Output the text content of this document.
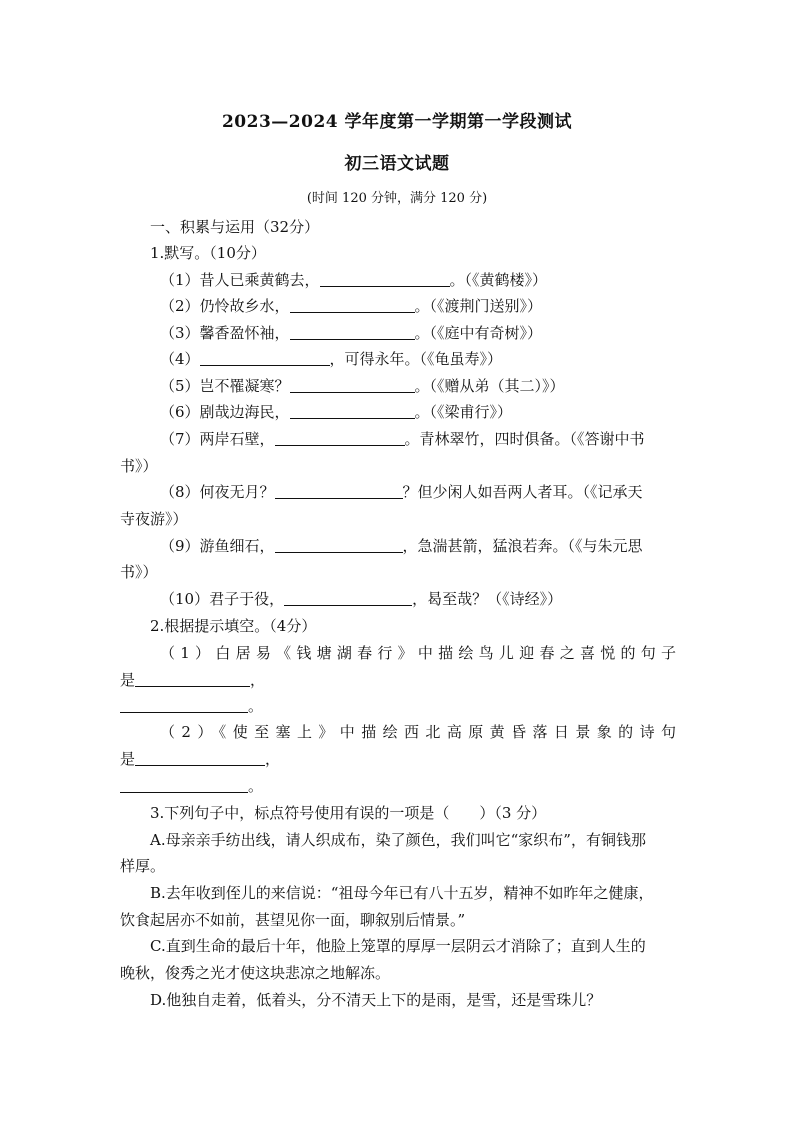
2023—2024 学年度第一学期第一学段测试
初三语文试题
(时间 120 分钟，满分 120 分)
一、积累与运用（32分）
1.默写。（10分）
（1）昔人已乘黄鹤去，	。（《黄鹤楼》）
（2）仍怜故乡水，	。（《渡荆门送别》）
（3）馨香盈怀袖，	。（《庭中有奇树》）
（4）	，可得永年。（《龟虽寿》）
（5）岂不罹凝寒？	。（《赠从弟（其二）》）
（6）剧哉边海民，	。（《梁甫行》）
（7）两岸石壁，	。青林翠竹，四时俱备。（《答谢中书
书》）
（8）何夜无月？	？但少闲人如吾两人者耳。（《记承天
寺夜游》）
（9）游鱼细石，	，急湍甚箭，猛浪若奔。（《与朱元思
书》）
（10）君子于役，	，曷至哉？（《诗经》）
2.根据提示填空。（4分）
（1）白居易《钱塘湖春行》中描绘鸟儿迎春之喜悦的句子
是	，
。
（2）《使至塞上》中描绘西北高原黄昏落日景象的诗句
是	，
。
3.下列句子中，标点符号使用有误的一项是（　　）（3 分）
A.母亲亲手纺出线，请人织成布，染了颜色，我们叫它“家织布”，有铜钱那
样厚。
B.去年收到侄儿的来信说：“祖母今年已有八十五岁，精神不如昨年之健康，
饮食起居亦不如前，甚望见你一面，聊叙别后情景。”
C.直到生命的最后十年，他脸上笼罩的厚厚一层阴云才消除了；直到人生的
晚秋，俊秀之光才使这块悲凉之地解冻。
D.他独自走着，低着头，分不清天上下的是雨，是雪，还是雪珠儿？
